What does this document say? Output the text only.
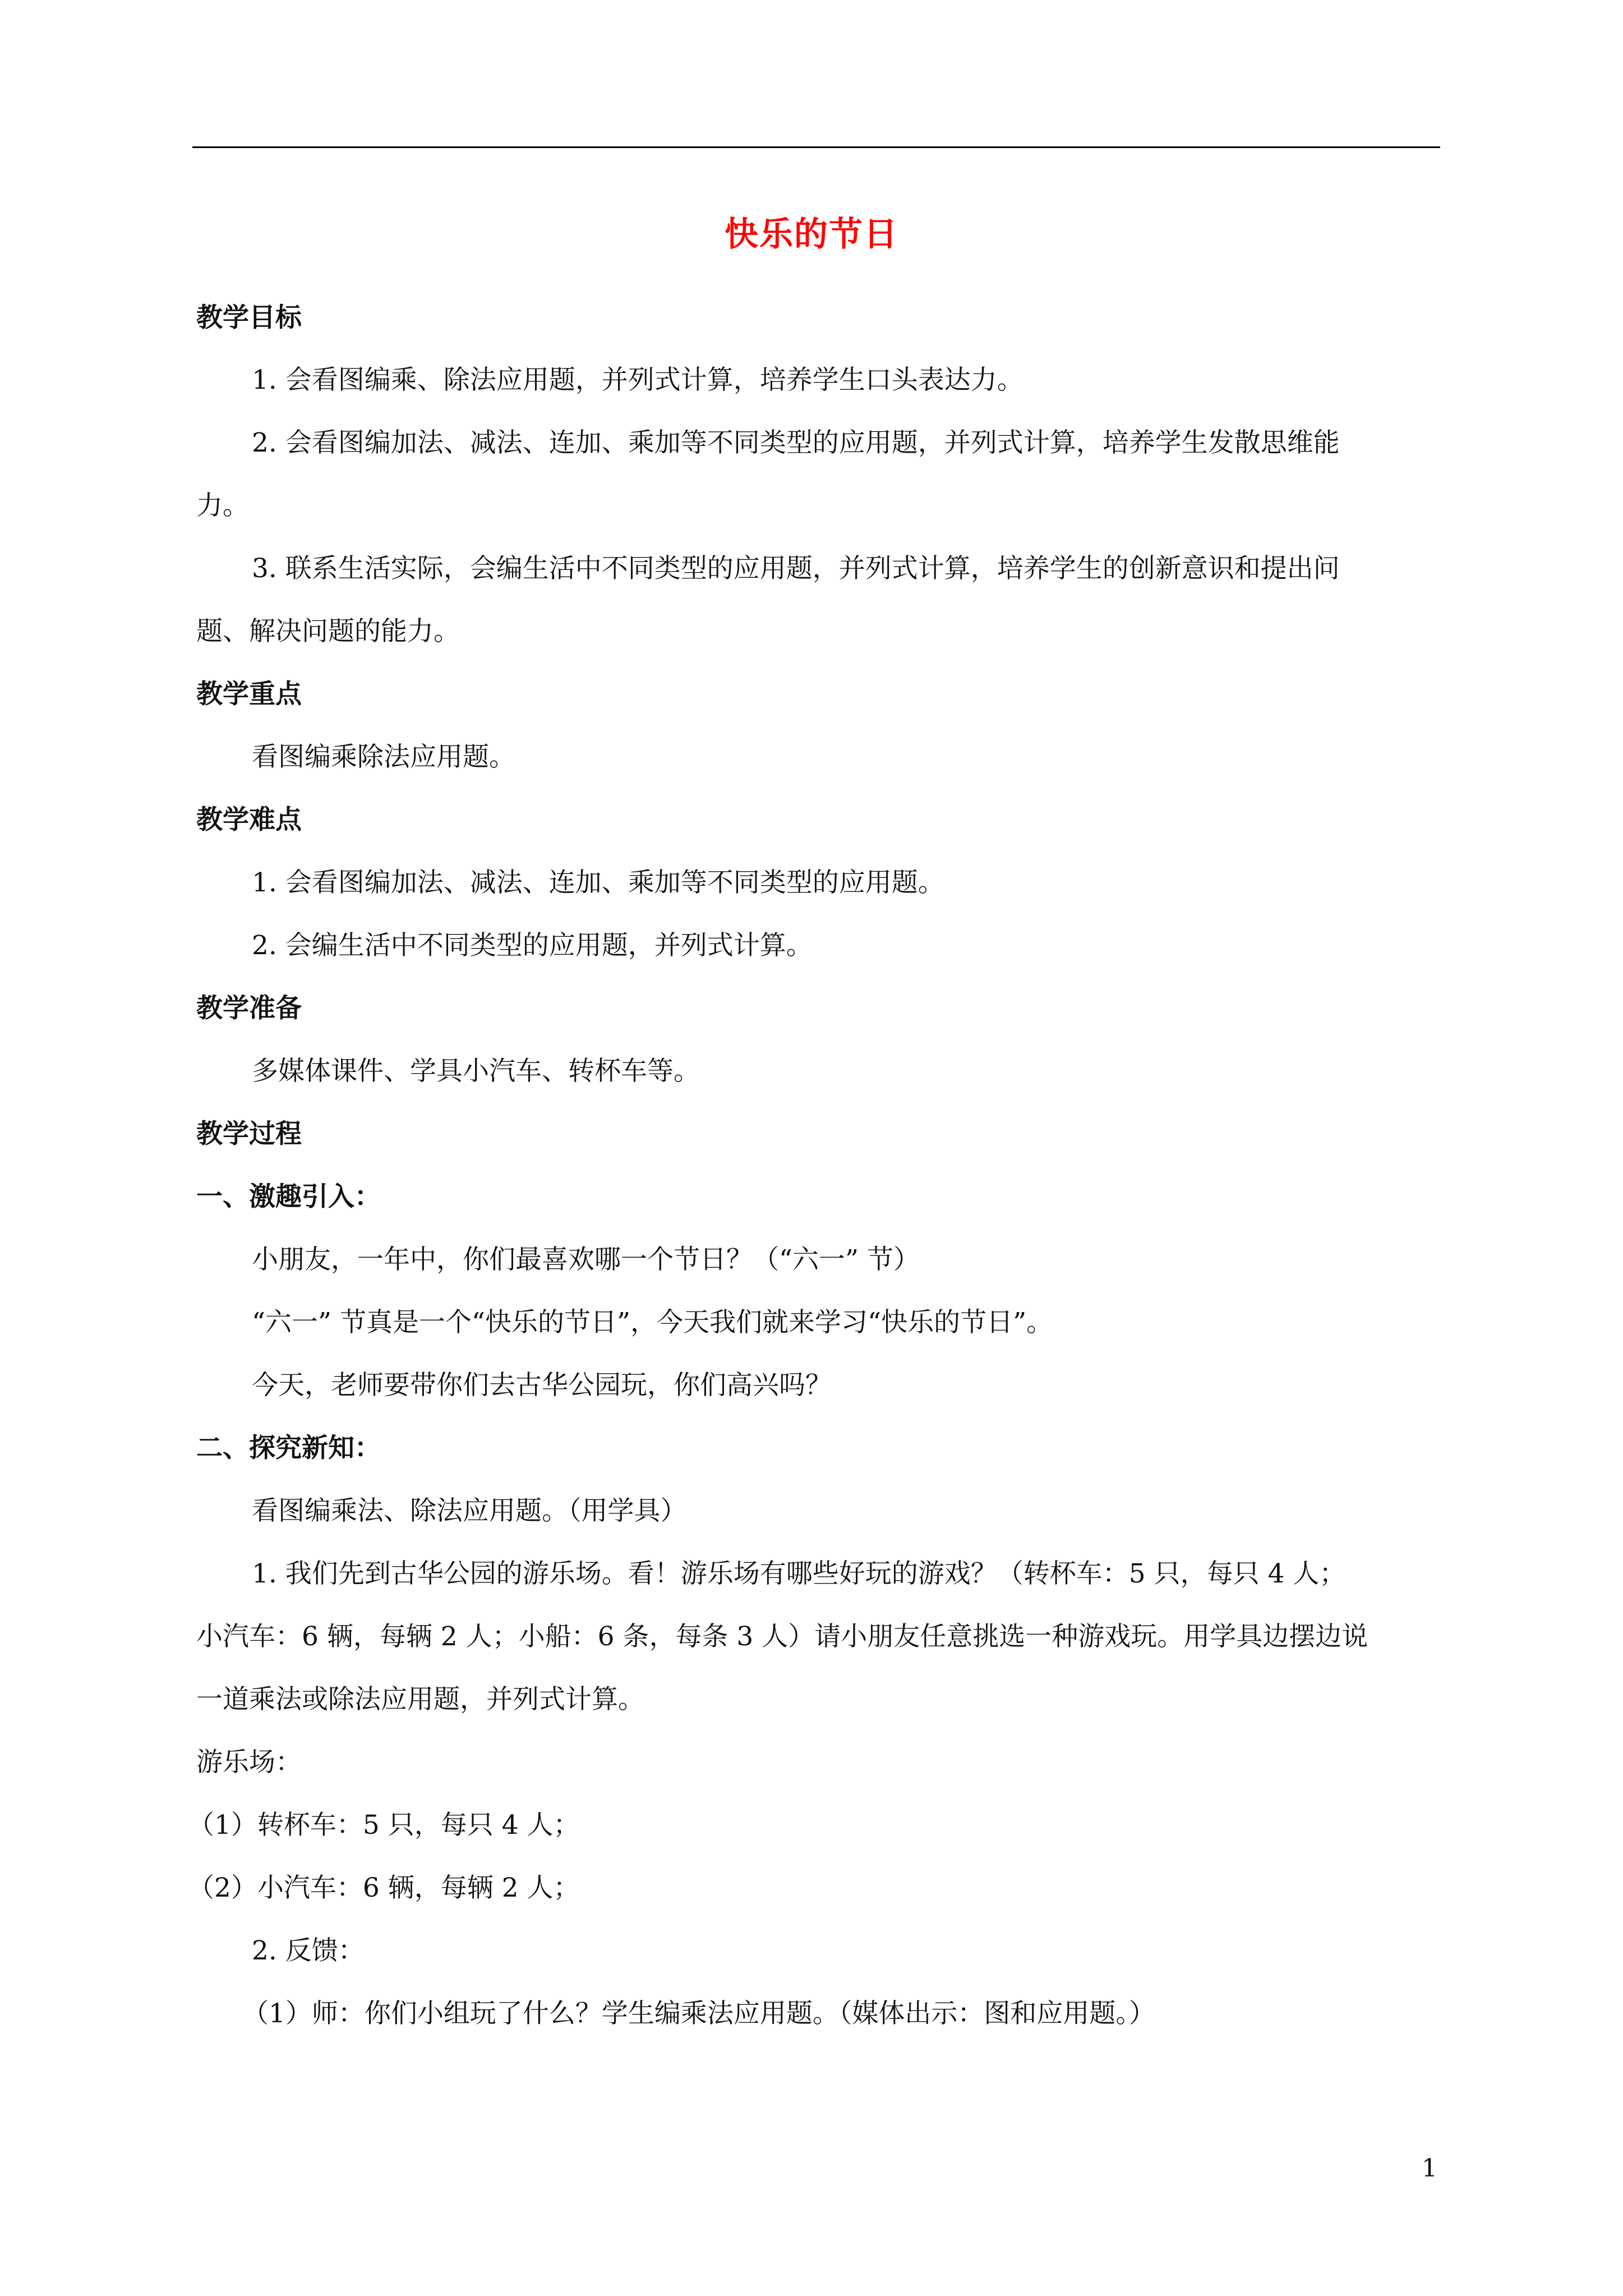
快乐的节日
教学目标
1. 会看图编乘、除法应用题，并列式计算，培养学生口头表达力。
2. 会看图编加法、减法、连加、乘加等不同类型的应用题，并列式计算，培养学生发散思维能
力。
3. 联系生活实际，会编生活中不同类型的应用题，并列式计算，培养学生的创新意识和提出问
题、解决问题的能力。
教学重点
看图编乘除法应用题。
教学难点
1. 会看图编加法、减法、连加、乘加等不同类型的应用题。
2. 会编生活中不同类型的应用题，并列式计算。
教学准备
多媒体课件、学具小汽车、转杯车等。
教学过程
一、激趣引入：
小朋友，一年中，你们最喜欢哪一个节日？（“六一” 节）
“六一” 节真是一个“快乐的节日”，今天我们就来学习“快乐的节日”。
今天，老师要带你们去古华公园玩，你们高兴吗？
二、探究新知：
看图编乘法、除法应用题。（用学具）
1. 我们先到古华公园的游乐场。看！游乐场有哪些好玩的游戏？（转杯车：5 只，每只 4 人；
小汽车：6 辆，每辆 2 人；小船：6 条，每条 3 人）请小朋友任意挑选一种游戏玩。用学具边摆边说
一道乘法或除法应用题，并列式计算。
游乐场：
（1）转杯车：5 只，每只 4 人；
（2）小汽车：6 辆，每辆 2 人；
2. 反馈：
（1）师：你们小组玩了什么？学生编乘法应用题。（媒体出示：图和应用题。）
1
